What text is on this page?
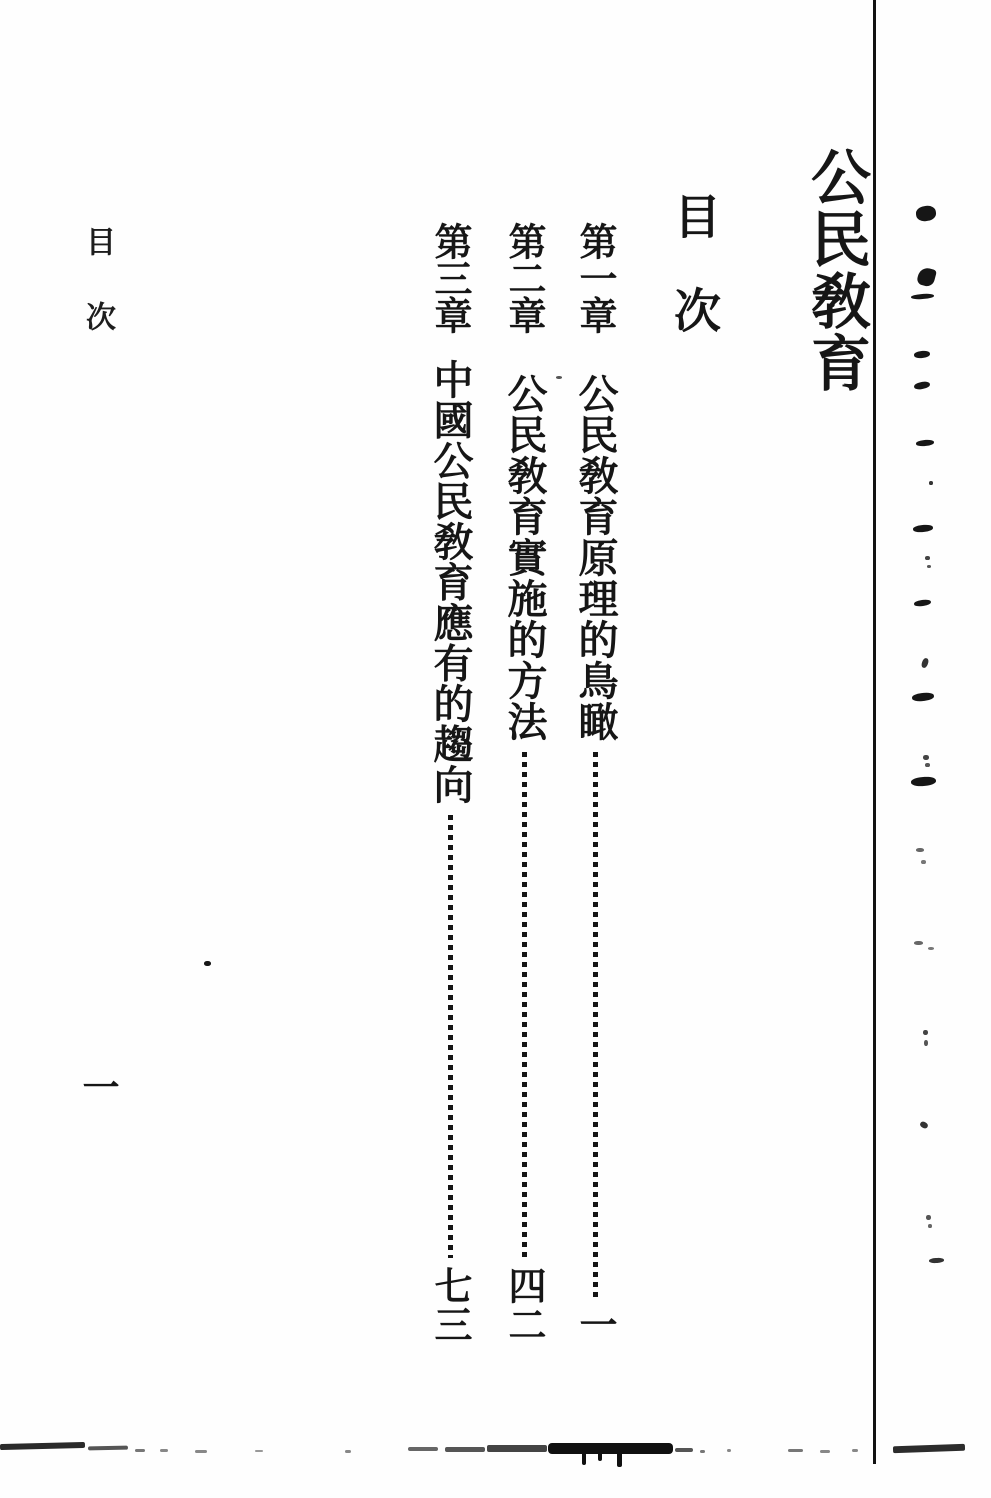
公民敎育
目次
第一章
公民敎育原理的鳥瞰
一
第二章
公民敎育實施的方法
四二
第三章
中國公民敎育應有的趨向
七三
目次
一
